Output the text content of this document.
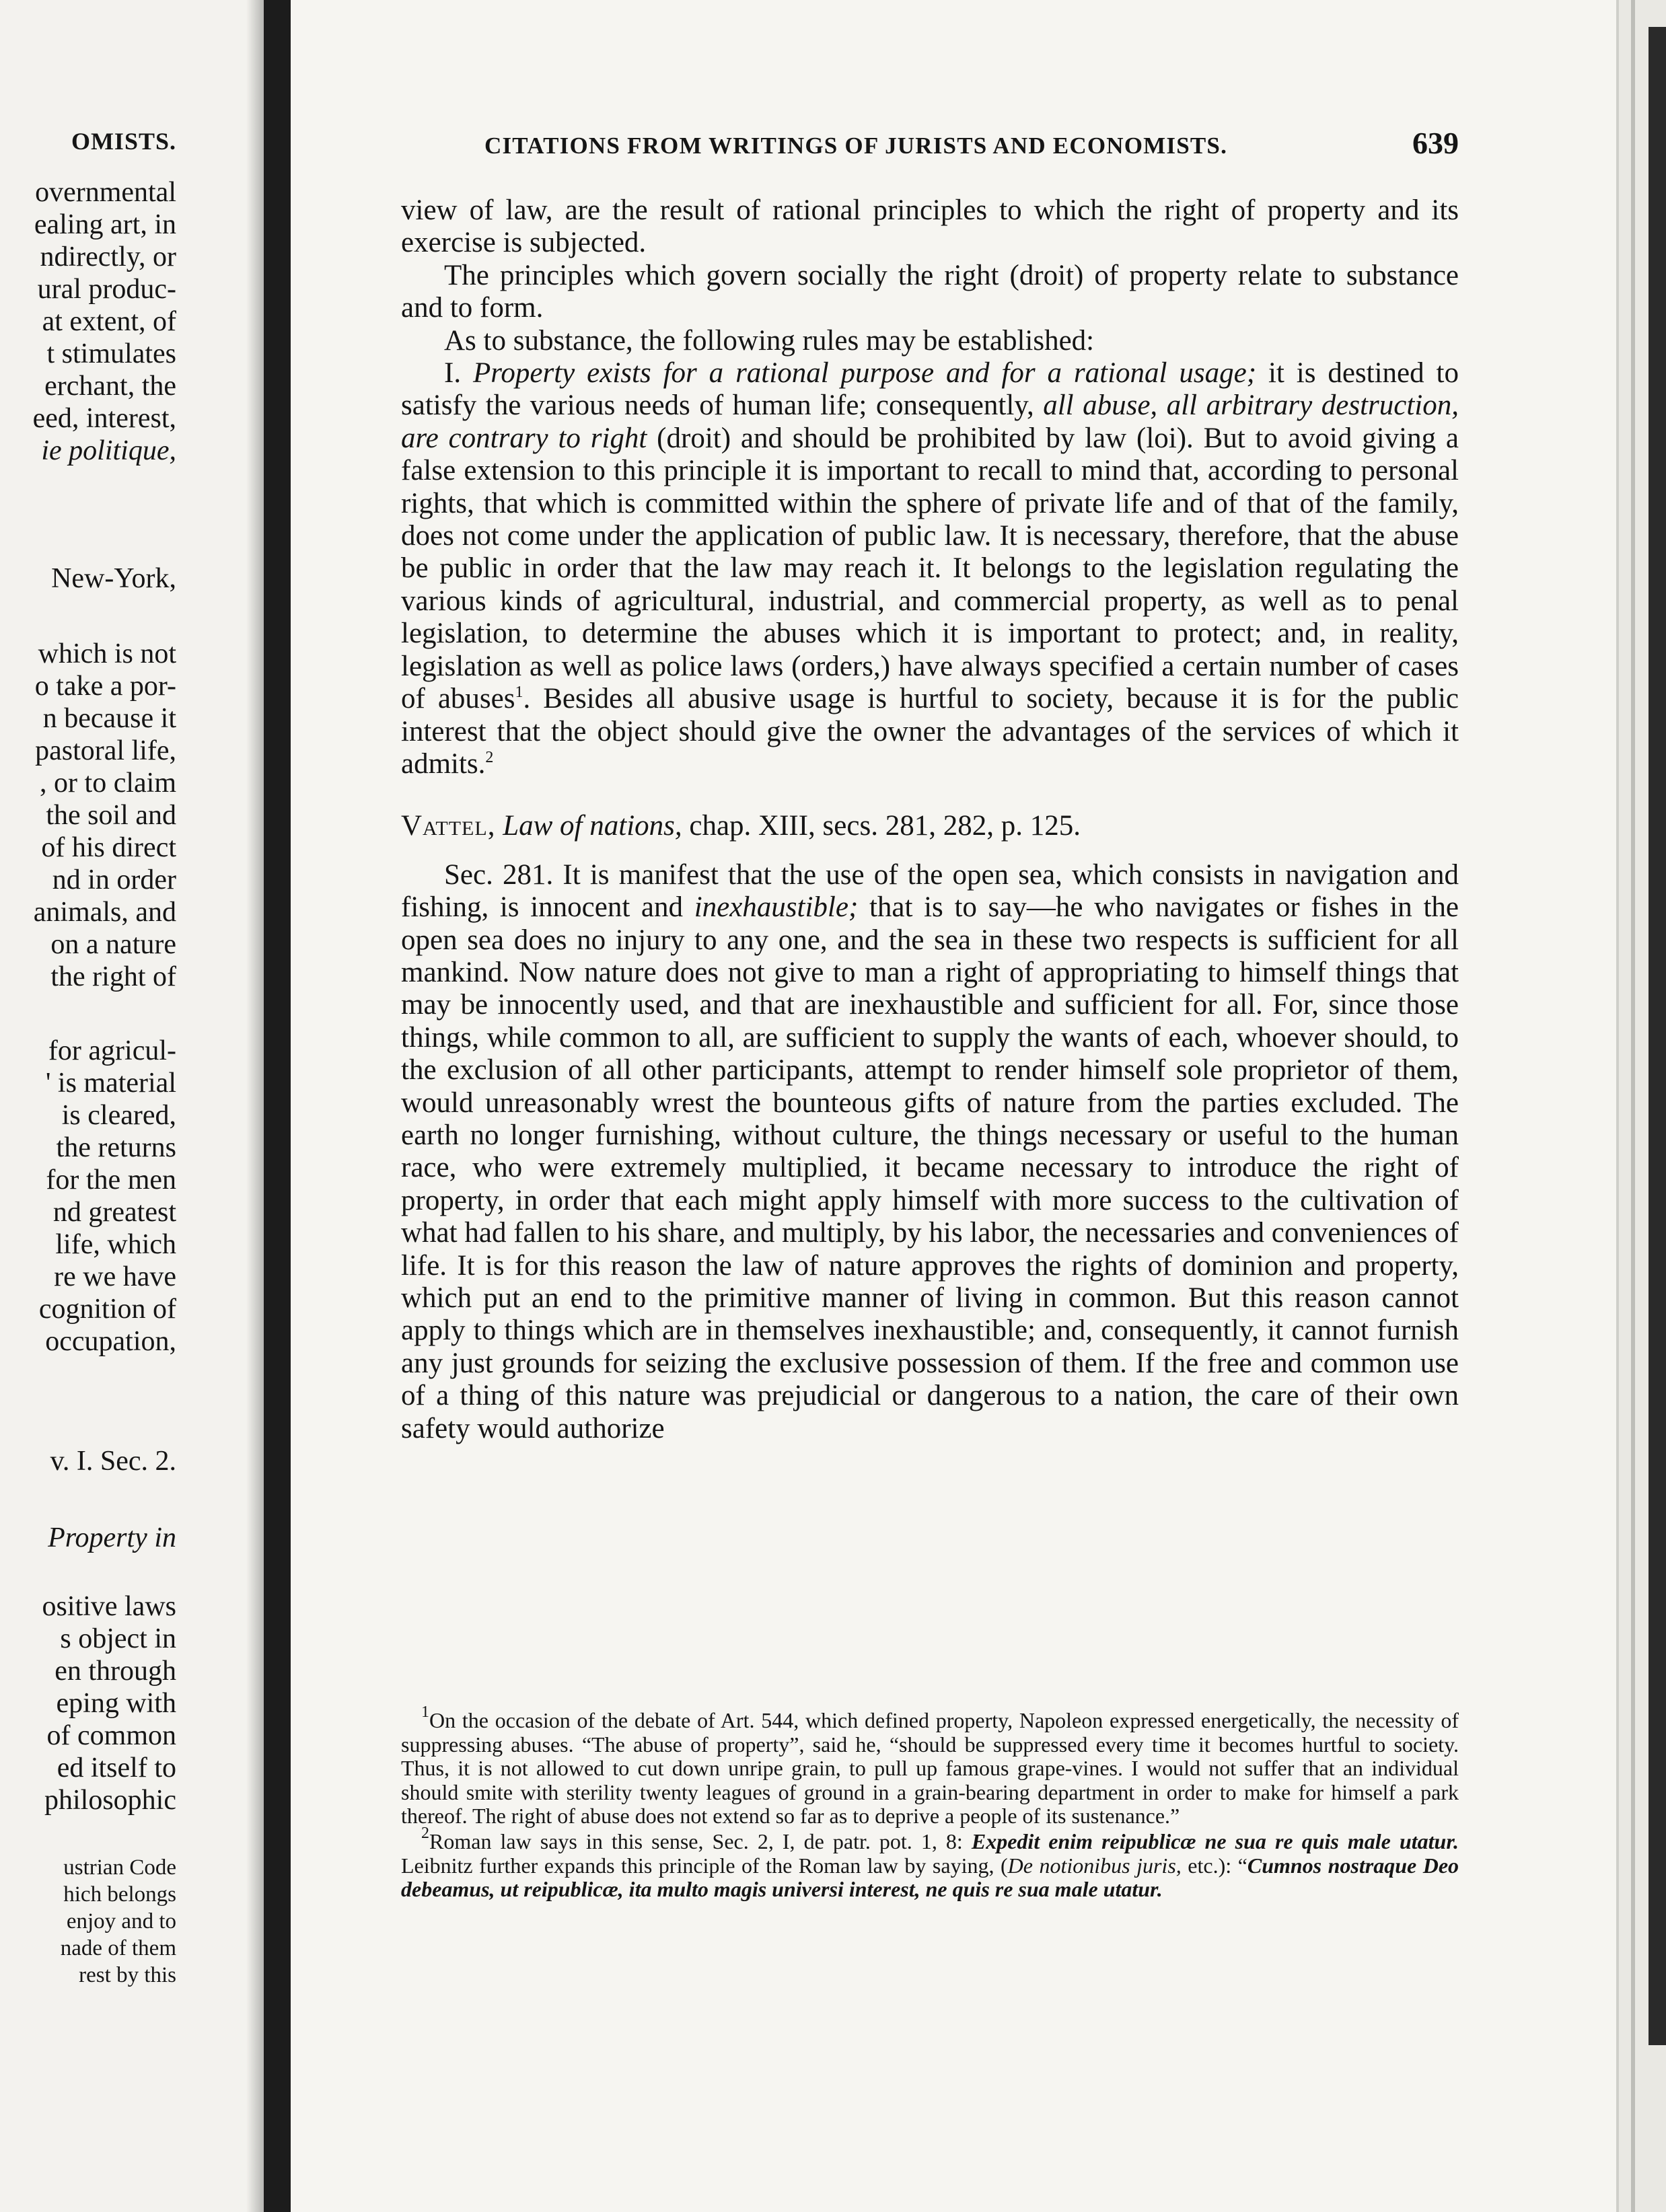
OMISTS.
overnmental
ealing art, in
ndirectly, or
ural produc-
at extent, of
t stimulates
erchant, the
eed, interest,
ie politique,
New-York,
which is not
o take a por-
n because it
pastoral life,
, or to claim
the soil and
of his direct
nd in order
animals, and
on a nature
the right of
for agricul-
' is material
is cleared,
the returns
for the men
nd greatest
life, which
re we have
cognition of
occupation,
v. I. Sec. 2.
Property in
ositive laws
s object in
en through
eping with
of common
ed itself to
philosophic
ustrian Code
hich belongs
enjoy and to
nade of them
rest by this
CITATIONS FROM WRITINGS OF JURISTS AND ECONOMISTS.	639

view of law, are the result of rational principles to which the right of property and its exercise is subjected.

The principles which govern socially the right (droit) of property relate to substance and to form.

As to substance, the following rules may be established:

I. Property exists for a rational purpose and for a rational usage; it is destined to satisfy the various needs of human life; consequently, all abuse, all arbitrary destruction, are contrary to right (droit) and should be prohibited by law (loi). But to avoid giving a false extension to this principle it is important to recall to mind that, according to personal rights, that which is committed within the sphere of private life and of that of the family, does not come under the application of public law. It is necessary, therefore, that the abuse be public in order that the law may reach it. It belongs to the legislation regulating the various kinds of agricultural, industrial, and commercial property, as well as to penal legislation, to determine the abuses which it is important to protect; and, in reality, legislation as well as police laws (orders,) have always specified a certain number of cases of abuses$^1$. Besides all abusive usage is hurtful to society, because it is for the public interest that the object should give the owner the advantages of the services of which it admits.$^2$

Vattel, Law of nations, chap. XIII, secs. 281, 282, p. 125.

Sec. 281. It is manifest that the use of the open sea, which consists in navigation and fishing, is innocent and inexhaustible; that is to say—he who navigates or fishes in the open sea does no injury to any one, and the sea in these two respects is sufficient for all mankind. Now nature does not give to man a right of appropriating to himself things that may be innocently used, and that are inexhaustible and sufficient for all. For, since those things, while common to all, are sufficient to supply the wants of each, whoever should, to the exclusion of all other participants, attempt to render himself sole proprietor of them, would unreasonably wrest the bounteous gifts of nature from the parties excluded. The earth no longer furnishing, without culture, the things necessary or useful to the human race, who were extremely multiplied, it became necessary to introduce the right of property, in order that each might apply himself with more success to the cultivation of what had fallen to his share, and multiply, by his labor, the necessaries and conveniences of life. It is for this reason the law of nature approves the rights of dominion and property, which put an end to the primitive manner of living in common. But this reason cannot apply to things which are in themselves inexhaustible; and, consequently, it cannot furnish any just grounds for seizing the exclusive possession of them. If the free and common use of a thing of this nature was prejudicial or dangerous to a nation, the care of their own safety would authorize

$^1$On the occasion of the debate of Art. 544, which defined property, Napoleon expressed energetically, the necessity of suppressing abuses. “The abuse of property”, said he, “should be suppressed every time it becomes hurtful to society. Thus, it is not allowed to cut down unripe grain, to pull up famous grape-vines. I would not suffer that an individual should smite with sterility twenty leagues of ground in a grain-bearing department in order to make for himself a park thereof. The right of abuse does not extend so far as to deprive a people of its sustenance.”

$^2$Roman law says in this sense, Sec. 2, I, de patr. pot. 1, 8: Expedit enim reipublicæ ne sua re quis male utatur. Leibnitz further expands this principle of the Roman law by saying, (De notionibus juris, etc.): “Cumnos nostraque Deo debeamus, ut reipublicæ, ita multo magis universi interest, ne quis re sua male utatur.
